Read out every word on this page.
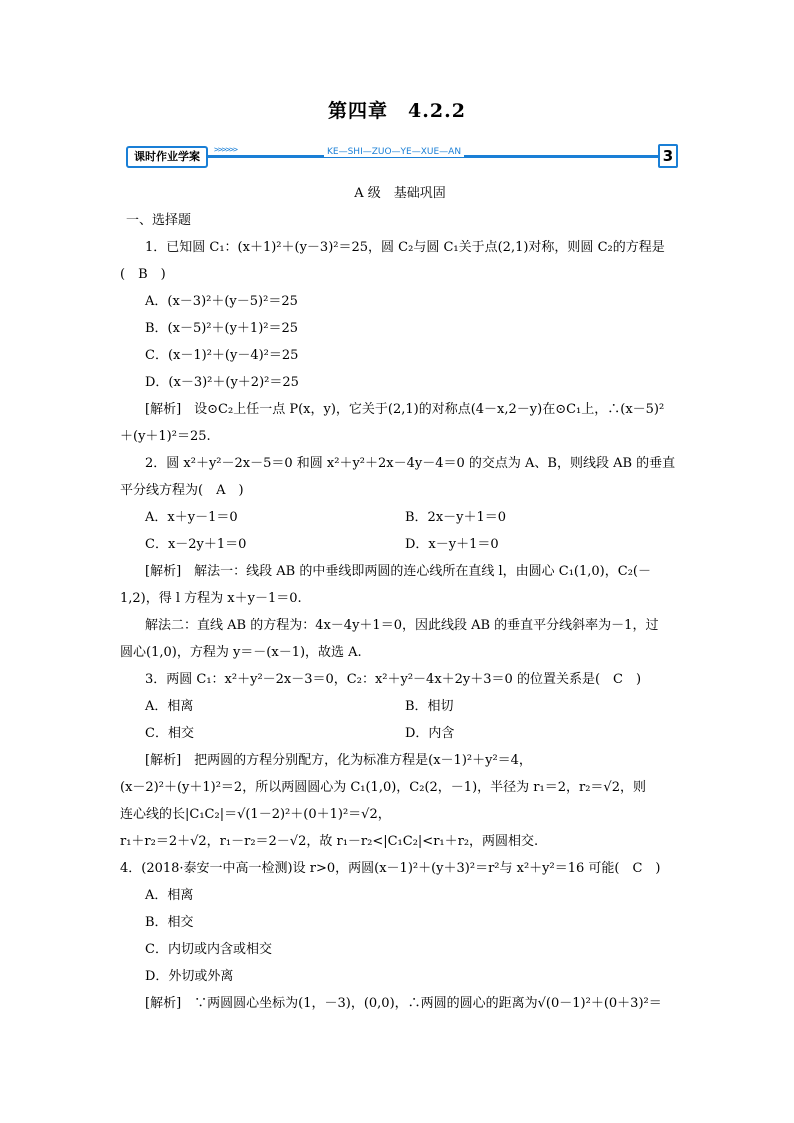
第四章　4.2.2
课时作业学案
>>>>>>	KE—SHI—ZUO—YE—XUE—AN	3
A 级　基础巩固
一、选择题
1．已知圆 C₁：(x＋1)²＋(y－3)²＝25，圆 C₂与圆 C₁关于点(2,1)对称，则圆 C₂的方程是
(　B　)
A．(x－3)²＋(y－5)²＝25
B．(x－5)²＋(y＋1)²＝25
C．(x－1)²＋(y－4)²＝25
D．(x－3)²＋(y＋2)²＝25
[解析]　设⊙C₂上任一点 P(x，y)，它关于(2,1)的对称点(4－x,2－y)在⊙C₁上，∴(x－5)²
＋(y＋1)²＝25.
2．圆 x²＋y²－2x－5＝0 和圆 x²＋y²＋2x－4y－4＝0 的交点为 A、B，则线段 AB 的垂直
平分线方程为(　A　)
A．x＋y－1＝0	B．2x－y＋1＝0
C．x－2y＋1＝0	D．x－y＋1＝0
[解析]　解法一：线段 AB 的中垂线即两圆的连心线所在直线 l，由圆心 C₁(1,0)，C₂(－
1,2)，得 l 方程为 x＋y－1＝0.
解法二：直线 AB 的方程为：4x－4y＋1＝0，因此线段 AB 的垂直平分线斜率为－1，过
圆心(1,0)，方程为 y＝－(x－1)，故选 A.
3．两圆 C₁：x²＋y²－2x－3＝0，C₂：x²＋y²－4x＋2y＋3＝0 的位置关系是(　C　)
A．相离	B．相切
C．相交	D．内含
[解析]　把两圆的方程分别配方，化为标准方程是(x－1)²＋y²＝4，
(x－2)²＋(y＋1)²＝2，所以两圆圆心为 C₁(1,0)，C₂(2，－1)，半径为 r₁＝2，r₂＝√2，则
连心线的长|C₁C₂|＝√(1－2)²＋(0＋1)²＝√2，
r₁＋r₂＝2＋√2，r₁－r₂＝2－√2，故 r₁－r₂<|C₁C₂|<r₁＋r₂，两圆相交.
4．(2018·泰安一中高一检测)设 r>0，两圆(x－1)²＋(y＋3)²＝r²与 x²＋y²＝16 可能(　C　)
A．相离
B．相交
C．内切或内含或相交
D．外切或外离
[解析]　∵两圆圆心坐标为(1，－3)，(0,0)，∴两圆的圆心的距离为√(0－1)²＋(0＋3)²＝
